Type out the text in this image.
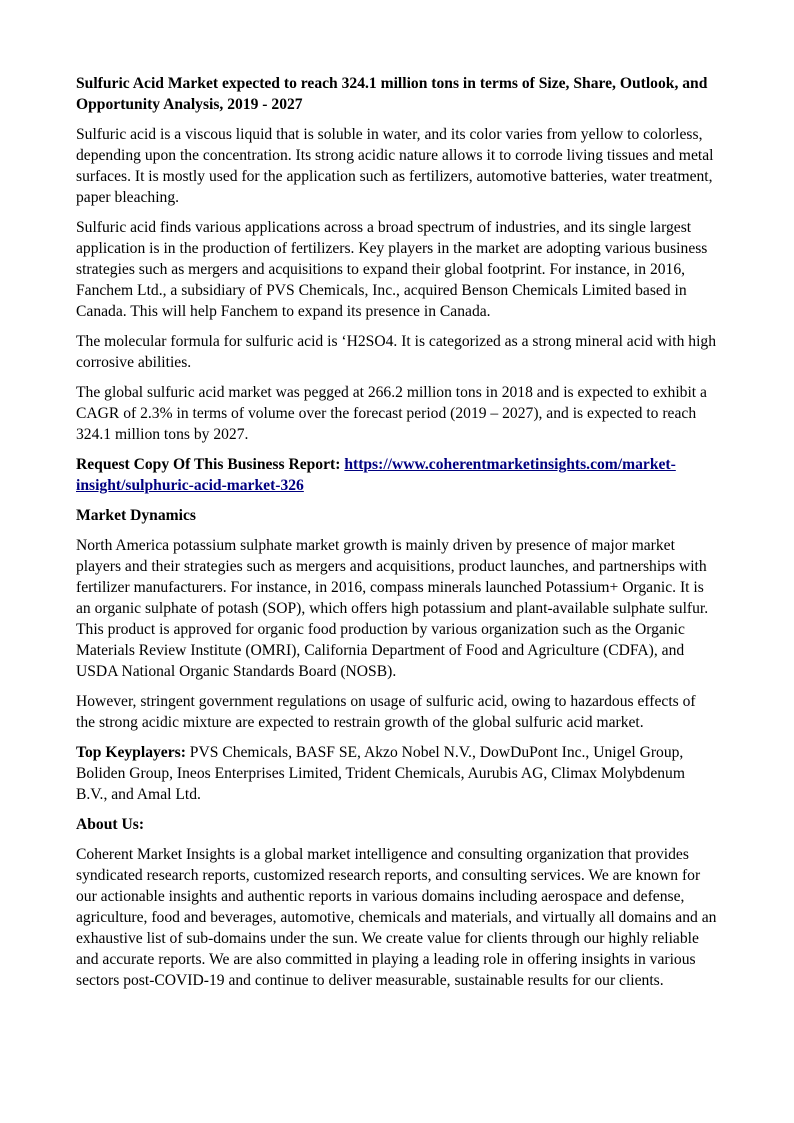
Sulfuric Acid Market expected to reach 324.1 million tons in terms of Size, Share, Outlook, and Opportunity Analysis, 2019 - 2027

Sulfuric acid is a viscous liquid that is soluble in water, and its color varies from yellow to colorless, depending upon the concentration. Its strong acidic nature allows it to corrode living tissues and metal surfaces. It is mostly used for the application such as fertilizers, automotive batteries, water treatment, paper bleaching.

Sulfuric acid finds various applications across a broad spectrum of industries, and its single largest application is in the production of fertilizers. Key players in the market are adopting various business strategies such as mergers and acquisitions to expand their global footprint. For instance, in 2016, Fanchem Ltd., a subsidiary of PVS Chemicals, Inc., acquired Benson Chemicals Limited based in Canada. This will help Fanchem to expand its presence in Canada.

The molecular formula for sulfuric acid is ‘H2SO4. It is categorized as a strong mineral acid with high corrosive abilities.

The global sulfuric acid market was pegged at 266.2 million tons in 2018 and is expected to exhibit a CAGR of 2.3% in terms of volume over the forecast period (2019 – 2027), and is expected to reach 324.1 million tons by 2027.

Request Copy Of This Business Report: https://www.coherentmarketinsights.com/market-insight/sulphuric-acid-market-326

Market Dynamics

North America potassium sulphate market growth is mainly driven by presence of major market players and their strategies such as mergers and acquisitions, product launches, and partnerships with fertilizer manufacturers. For instance, in 2016, compass minerals launched Potassium+ Organic. It is an organic sulphate of potash (SOP), which offers high potassium and plant-available sulphate sulfur. This product is approved for organic food production by various organization such as the Organic Materials Review Institute (OMRI), California Department of Food and Agriculture (CDFA), and USDA National Organic Standards Board (NOSB).

However, stringent government regulations on usage of sulfuric acid, owing to hazardous effects of the strong acidic mixture are expected to restrain growth of the global sulfuric acid market.

Top Keyplayers: PVS Chemicals, BASF SE, Akzo Nobel N.V., DowDuPont Inc., Unigel Group, Boliden Group, Ineos Enterprises Limited, Trident Chemicals, Aurubis AG, Climax Molybdenum B.V., and Amal Ltd.

About Us:

Coherent Market Insights is a global market intelligence and consulting organization that provides syndicated research reports, customized research reports, and consulting services. We are known for our actionable insights and authentic reports in various domains including aerospace and defense, agriculture, food and beverages, automotive, chemicals and materials, and virtually all domains and an exhaustive list of sub-domains under the sun. We create value for clients through our highly reliable and accurate reports. We are also committed in playing a leading role in offering insights in various sectors post-COVID-19 and continue to deliver measurable, sustainable results for our clients.
